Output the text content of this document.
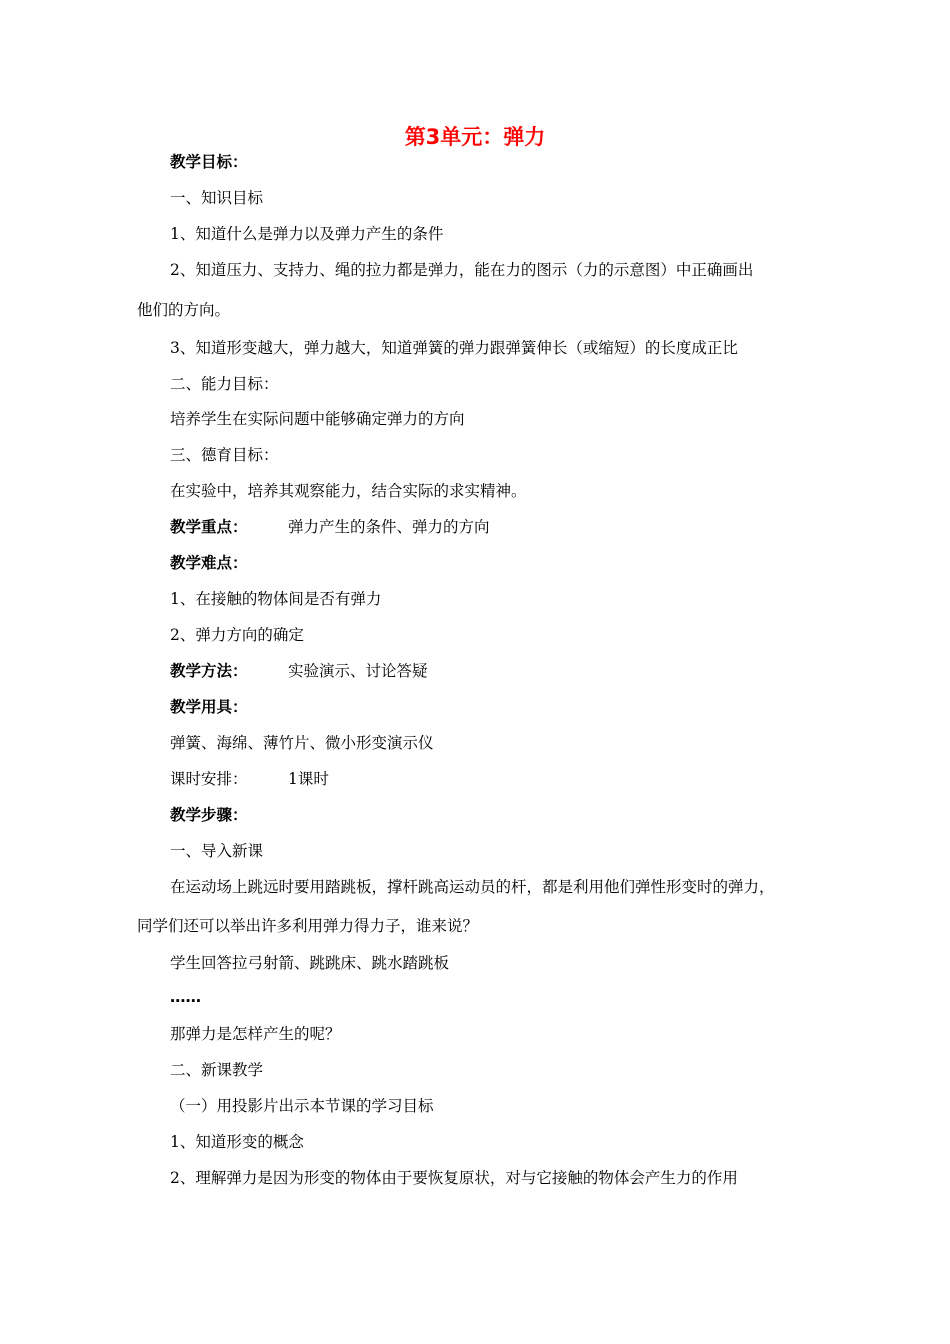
第3单元：弹力
教学目标：
一、知识目标
1、知道什么是弹力以及弹力产生的条件
2、知道压力、支持力、绳的拉力都是弹力，能在力的图示（力的示意图）中正确画出
他们的方向。
3、知道形变越大，弹力越大，知道弹簧的弹力跟弹簧伸长（或缩短）的长度成正比
二、能力目标：
培养学生在实际问题中能够确定弹力的方向
三、德育目标：
在实验中，培养其观察能力，结合实际的求实精神。
教学重点：	弹力产生的条件、弹力的方向
教学难点：
1、在接触的物体间是否有弹力
2、弹力方向的确定
教学方法：	实验演示、讨论答疑
教学用具：
弹簧、海绵、薄竹片、微小形变演示仪
课时安排：	1课时
教学步骤：
一、导入新课
在运动场上跳远时要用踏跳板，撑杆跳高运动员的杆，都是利用他们弹性形变时的弹力，
同学们还可以举出许多利用弹力得力子，谁来说？
学生回答拉弓射箭、跳跳床、跳水踏跳板
……
那弹力是怎样产生的呢？
二、新课教学
（一）用投影片出示本节课的学习目标
1、知道形变的概念
2、理解弹力是因为形变的物体由于要恢复原状，对与它接触的物体会产生力的作用
